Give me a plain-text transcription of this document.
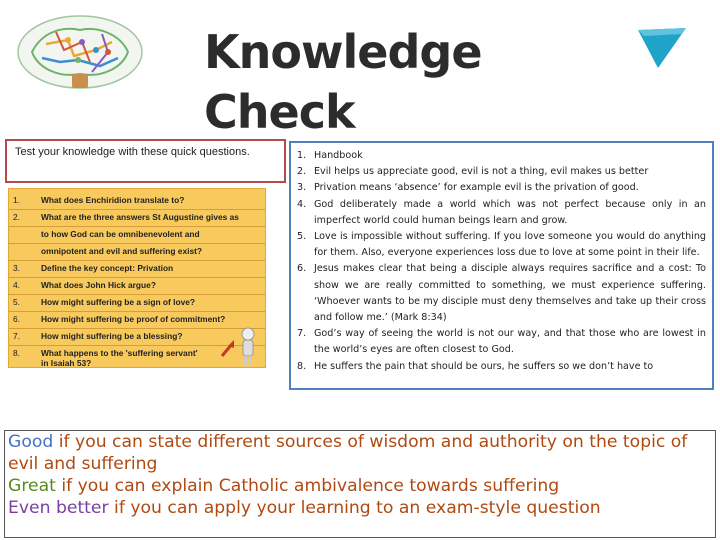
Knowledge Check
Apply

Test your knowledge with these quick questions.

1.	What does Enchiridion translate to?
2.	What are the three answers St Augustine gives as
to how God can be omnibenevolent and
omnipotent and evil and suffering exist?
3.	Define the key concept: Privation
4.	What does John Hick argue?
5.	How might suffering be a sign of love?
6.	How might suffering be proof of commitment?
7.	How might suffering be a blessing?
8.	What happens to the 'suffering servant'
in Isaiah 53?
1. Handbook
2. Evil helps us appreciate good, evil is not a thing, evil makes us better
3. Privation means ‘absence’ for example evil is the privation of good.
4. God deliberately made a world which was not perfect because only in an imperfect world could human beings learn and grow.
5. Love is impossible without suffering. If you love someone you would do anything for them. Also, everyone experiences loss due to love at some point in their life.
6. Jesus makes clear that being a disciple always requires sacrifice and a cost: To show we are really committed to something, we must experience suffering. ‘Whoever wants to be my disciple must deny themselves and take up their cross and follow me.’ (Mark 8:34)
7. God’s way of seeing the world is not our way, and that those who are lowest in the world’s eyes are often closest to God.
8. He suffers the pain that should be ours, he suffers so we don’t have to
Good if you can state different sources of wisdom and authority on the topic of evil and suffering
Great if you can explain Catholic ambivalence towards suffering
Even better if you can apply your learning to an exam-style question
